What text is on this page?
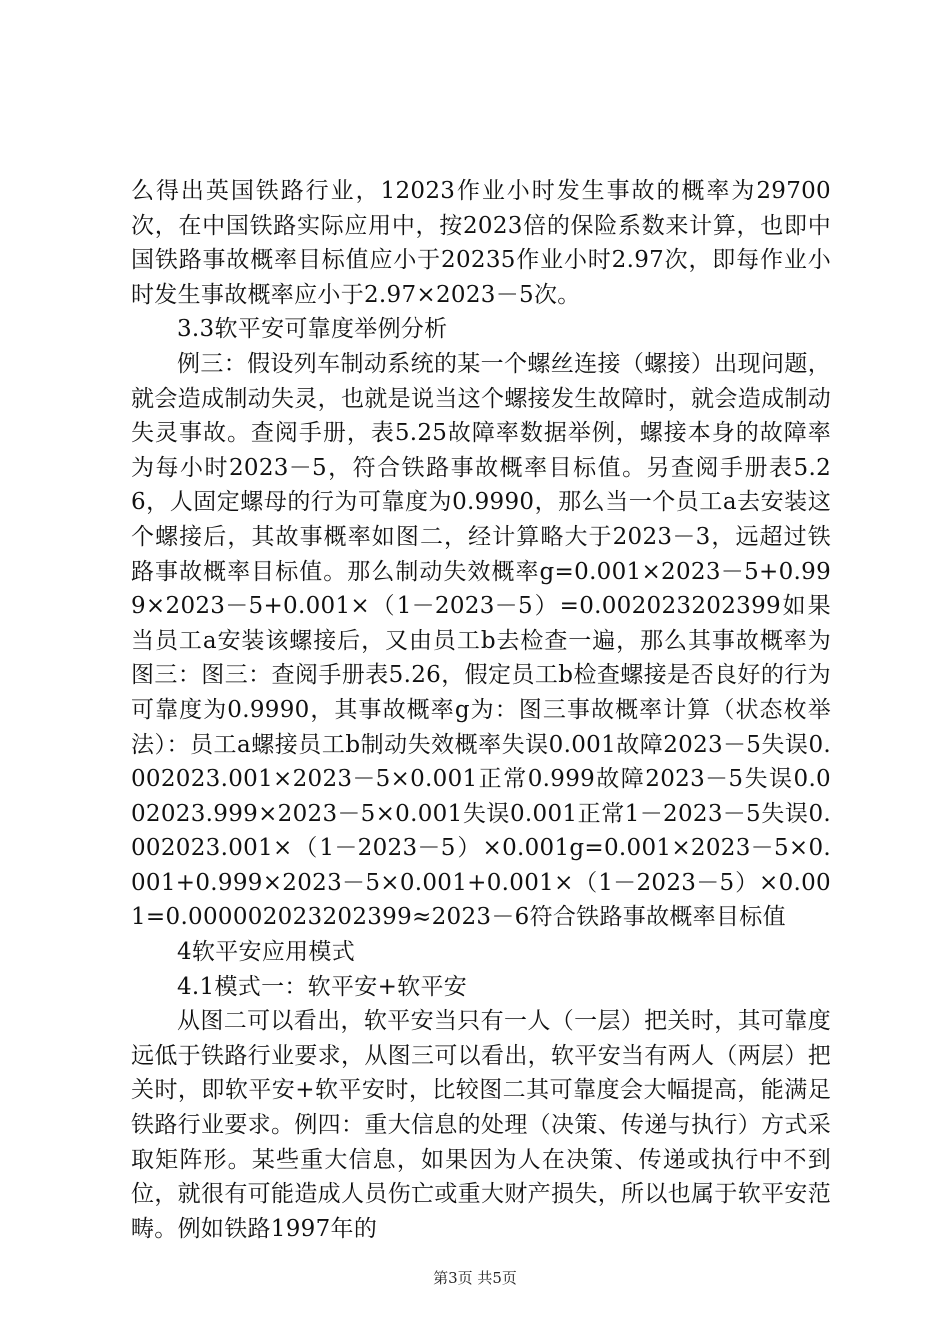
么得出英国铁路行业，12023作业小时发生事故的概率为29700次，在中国铁路实际应用中，按2023倍的保险系数来计算，也即中国铁路事故概率目标值应小于20235作业小时2.97次，即每作业小时发生事故概率应小于2.97×2023－5次。

3.3软平安可靠度举例分析

例三：假设列车制动系统的某一个螺丝连接（螺接）出现问题，就会造成制动失灵，也就是说当这个螺接发生故障时，就会造成制动失灵事故。查阅手册，表5.25故障率数据举例，螺接本身的故障率为每小时2023－5，符合铁路事故概率目标值。另查阅手册表5.26，人固定螺母的行为可靠度为0.9990，那么当一个员工a去安装这个螺接后，其故事概率如图二，经计算略大于2023－3，远超过铁路事故概率目标值。那么制动失效概率g=0.001×2023－5+0.999×2023－5+0.001×（1－2023－5）=0.002023202399如果当员工a安装该螺接后，又由员工b去检查一遍，那么其事故概率为图三：图三：查阅手册表5.26，假定员工b检查螺接是否良好的行为可靠度为0.9990，其事故概率g为：图三事故概率计算（状态枚举法）：员工a螺接员工b制动失效概率失误0.001故障2023－5失误0.002023.001×2023－5×0.001正常0.999故障2023－5失误0.002023.999×2023－5×0.001失误0.001正常1－2023－5失误0.002023.001×（1－2023－5）×0.001g=0.001×2023－5×0.001+0.999×2023－5×0.001+0.001×（1－2023－5）×0.001=0.000002023202399≈2023－6符合铁路事故概率目标值

4软平安应用模式

4.1模式一：软平安+软平安

从图二可以看出，软平安当只有一人（一层）把关时，其可靠度远低于铁路行业要求，从图三可以看出，软平安当有两人（两层）把关时，即软平安+软平安时，比较图二其可靠度会大幅提高，能满足铁路行业要求。例四：重大信息的处理（决策、传递与执行）方式采取矩阵形。某些重大信息，如果因为人在决策、传递或执行中不到位，就很有可能造成人员伤亡或重大财产损失，所以也属于软平安范畴。例如铁路1997年的

第3页 共5页
